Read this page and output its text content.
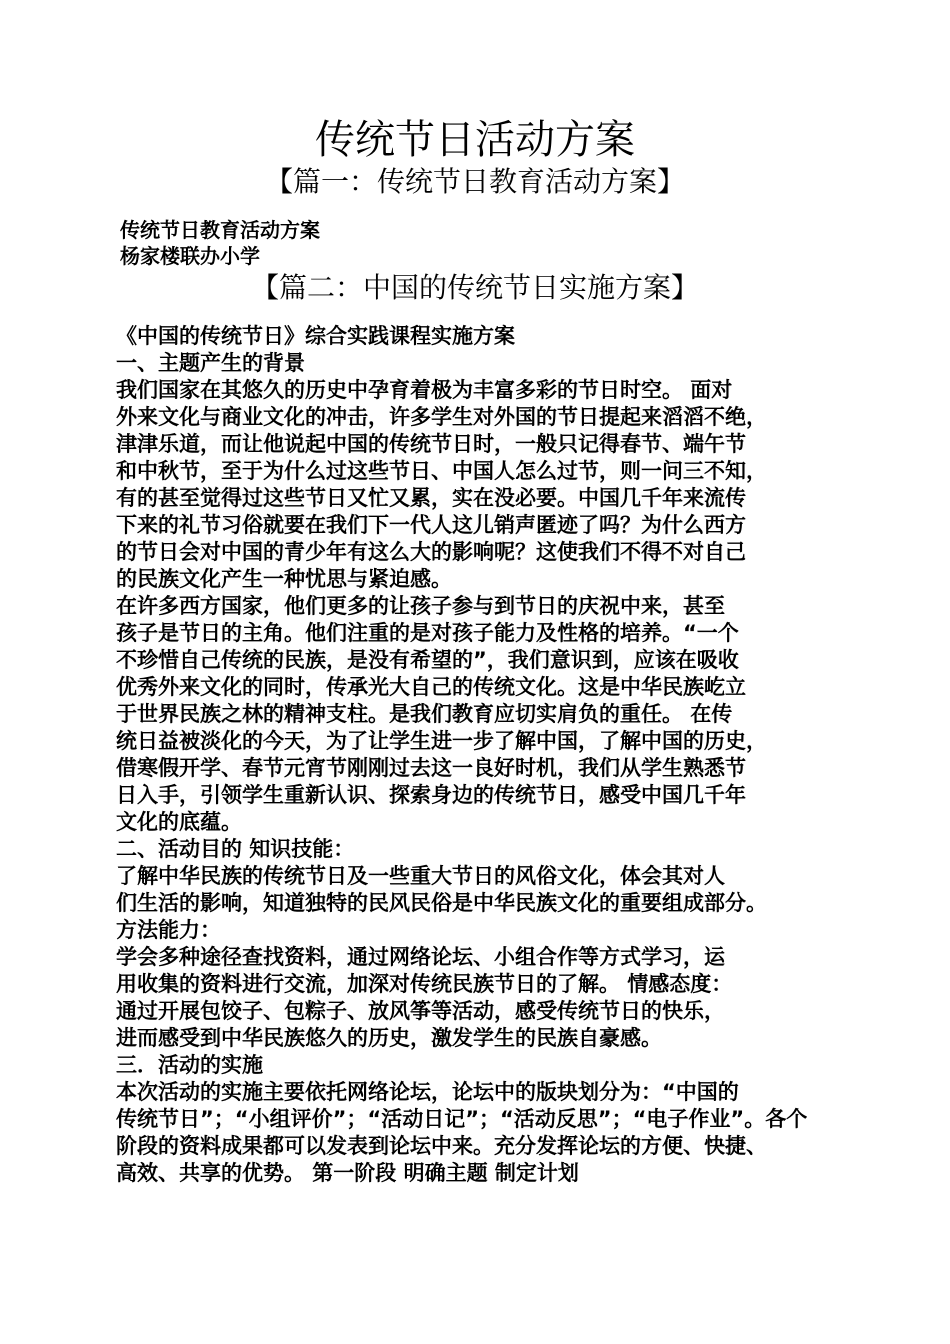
传统节日活动方案
【篇一：传统节日教育活动方案】

传统节日教育活动方案

杨家楼联办小学

【篇二：中国的传统节日实施方案】

《中国的传统节日》综合实践课程实施方案

一、主题产生的背景

我们国家在其悠久的历史中孕育着极为丰富多彩的节日时空。 面对

外来文化与商业文化的冲击，许多学生对外国的节日提起来滔滔不绝，

津津乐道，而让他说起中国的传统节日时，一般只记得春节、端午节

和中秋节，至于为什么过这些节日、中国人怎么过节，则一问三不知，

有的甚至觉得过这些节日又忙又累，实在没必要。中国几千年来流传

下来的礼节习俗就要在我们下一代人这儿销声匿迹了吗？为什么西方

的节日会对中国的青少年有这么大的影响呢？这使我们不得不对自己

的民族文化产生一种忧思与紧迫感。

在许多西方国家，他们更多的让孩子参与到节日的庆祝中来，甚至

孩子是节日的主角。他们注重的是对孩子能力及性格的培养。“一个

不珍惜自己传统的民族，是没有希望的”，我们意识到，应该在吸收

优秀外来文化的同时，传承光大自己的传统文化。这是中华民族屹立

于世界民族之林的精神支柱。是我们教育应切实肩负的重任。 在传

统日益被淡化的今天，为了让学生进一步了解中国，了解中国的历史，

借寒假开学、春节元宵节刚刚过去这一良好时机，我们从学生熟悉节

日入手，引领学生重新认识、探索身边的传统节日，感受中国几千年

文化的底蕴。

二、活动目的 知识技能：

了解中华民族的传统节日及一些重大节日的风俗文化，体会其对人

们生活的影响，知道独特的民风民俗是中华民族文化的重要组成部分。

方法能力：

学会多种途径查找资料，通过网络论坛、小组合作等方式学习，运

用收集的资料进行交流，加深对传统民族节日的了解。 情感态度：

通过开展包饺子、包粽子、放风筝等活动，感受传统节日的快乐，

进而感受到中华民族悠久的历史，激发学生的民族自豪感。

三．活动的实施

本次活动的实施主要依托网络论坛，论坛中的版块划分为：“中国的

传统节日”；“小组评价”；“活动日记”；“活动反思”；“电子作业”。各个

阶段的资料成果都可以发表到论坛中来。充分发挥论坛的方便、快捷、

高效、共享的优势。 第一阶段 明确主题 制定计划
